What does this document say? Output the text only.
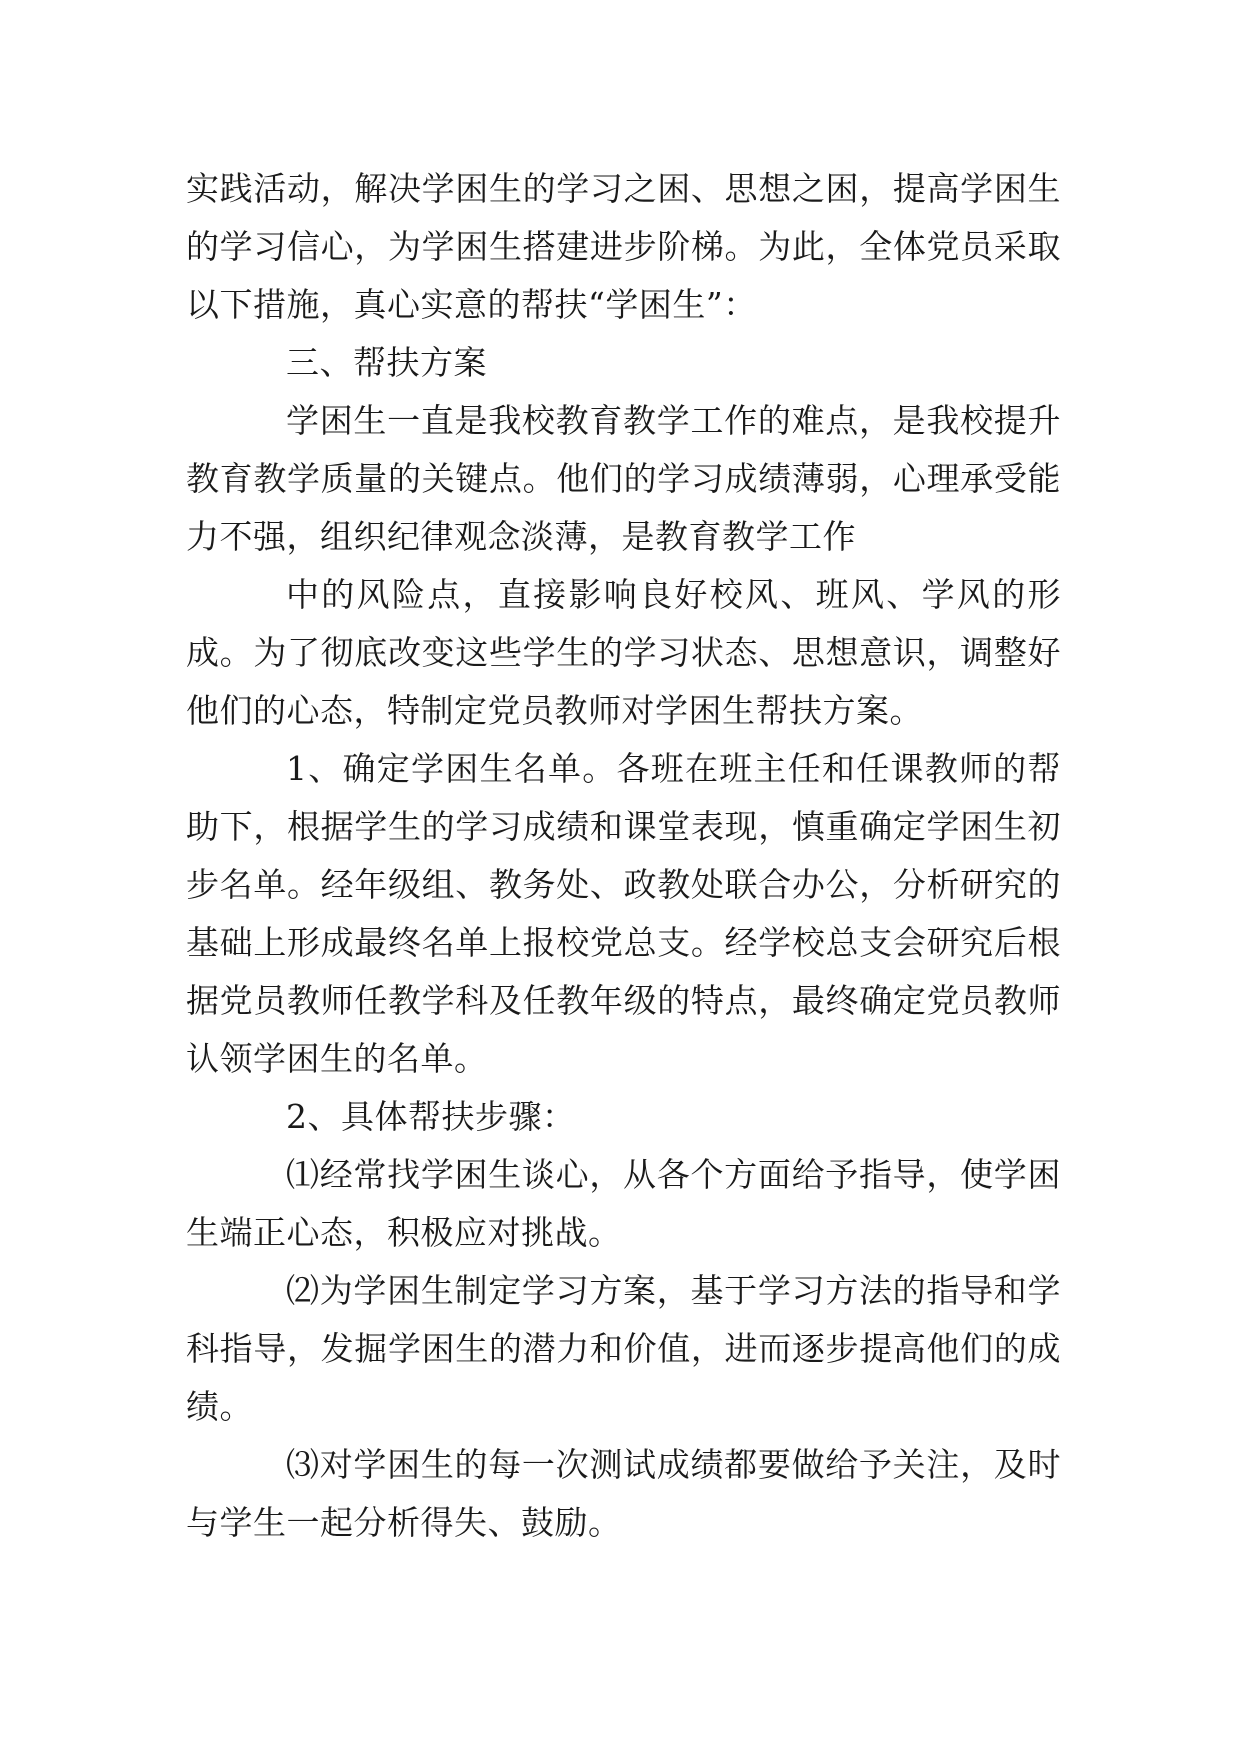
实践活动，解决学困生的学习之困、思想之困，提高学困生的学习信心，为学困生搭建进步阶梯。为此，全体党员采取以下措施，真心实意的帮扶“学困生”：

三、帮扶方案

学困生一直是我校教育教学工作的难点，是我校提升教育教学质量的关键点。他们的学习成绩薄弱，心理承受能力不强，组织纪律观念淡薄，是教育教学工作

中的风险点，直接影响良好校风、班风、学风的形成。为了彻底改变这些学生的学习状态、思想意识，调整好他们的心态，特制定党员教师对学困生帮扶方案。

1、确定学困生名单。各班在班主任和任课教师的帮助下，根据学生的学习成绩和课堂表现，慎重确定学困生初步名单。经年级组、教务处、政教处联合办公，分析研究的基础上形成最终名单上报校党总支。经学校总支会研究后根据党员教师任教学科及任教年级的特点，最终确定党员教师认领学困生的名单。

2、具体帮扶步骤：

⑴经常找学困生谈心，从各个方面给予指导，使学困生端正心态，积极应对挑战。

⑵为学困生制定学习方案，基于学习方法的指导和学科指导，发掘学困生的潜力和价值，进而逐步提高他们的成绩。

⑶对学困生的每一次测试成绩都要做给予关注，及时与学生一起分析得失、鼓励。
